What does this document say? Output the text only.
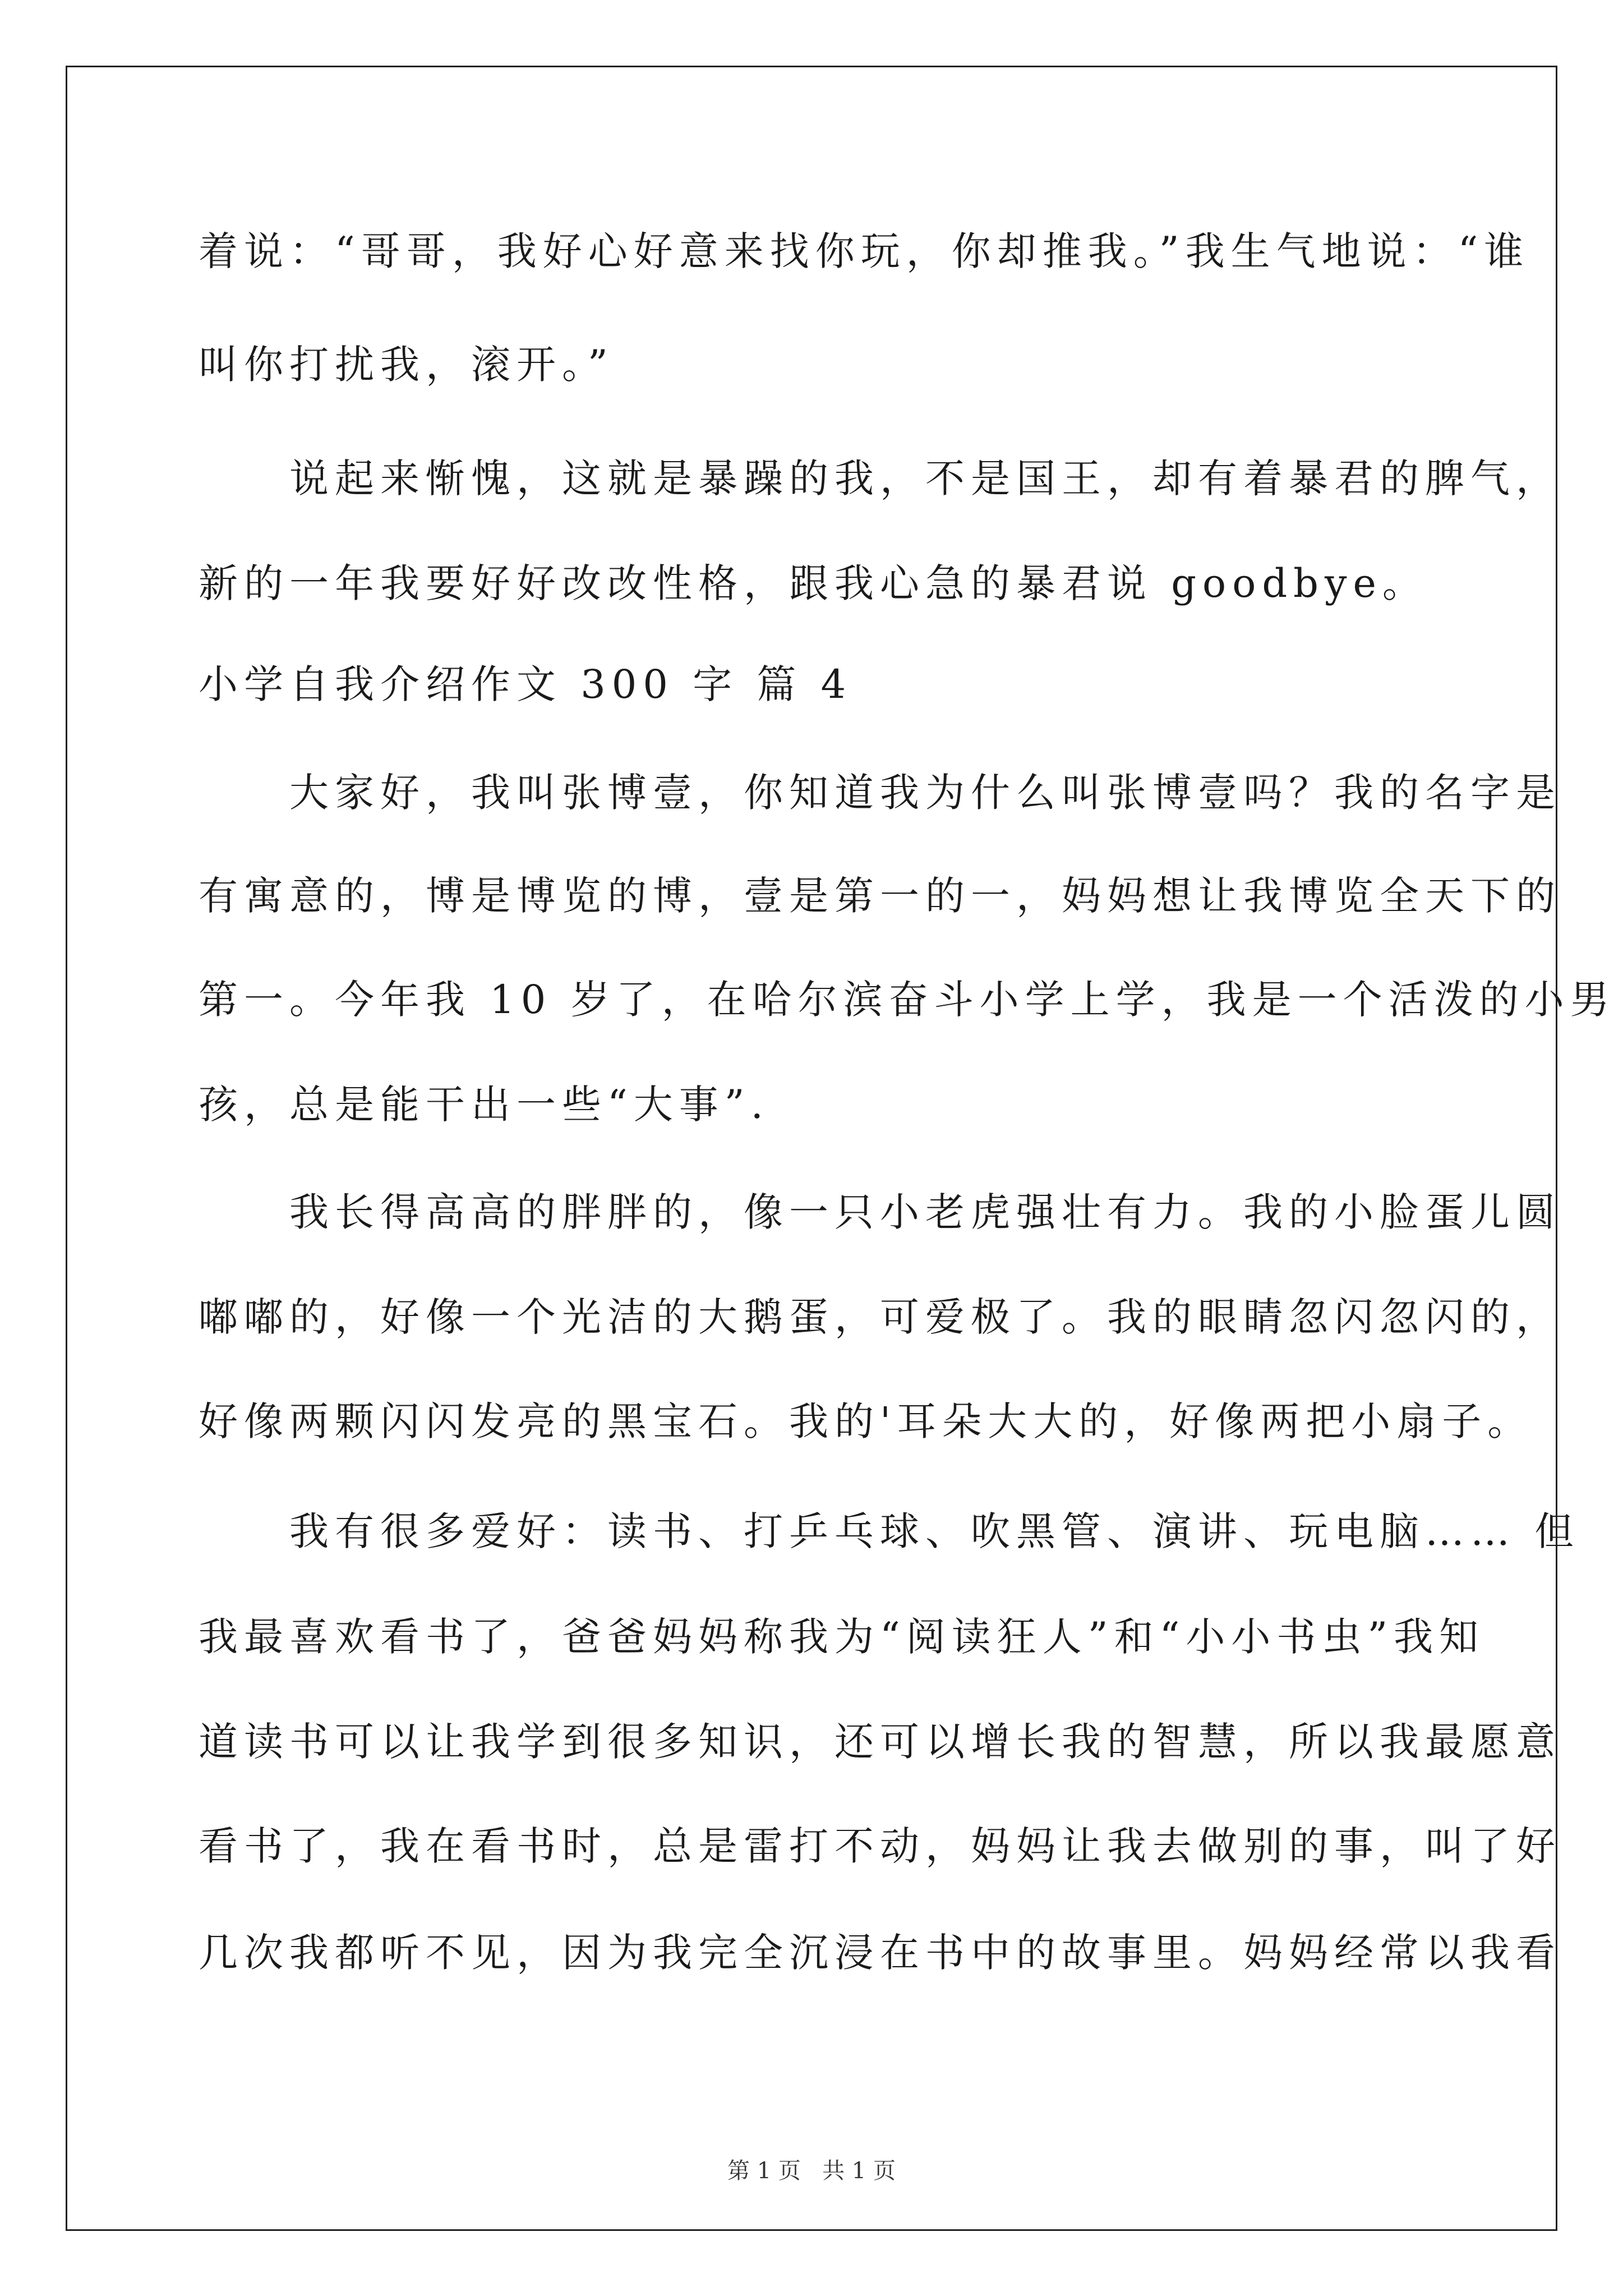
着说：“哥哥，我好心好意来找你玩，你却推我。”我生气地说：“谁
叫你打扰我，滚开。”
　　说起来惭愧，这就是暴躁的我，不是国王，却有着暴君的脾气，
新的一年我要好好改改性格，跟我心急的暴君说 goodbye。
小学自我介绍作文 300 字 篇 4
　　大家好，我叫张博壹，你知道我为什么叫张博壹吗？我的名字是
有寓意的，博是博览的博，壹是第一的一，妈妈想让我博览全天下的
第一。今年我 10 岁了，在哈尔滨奋斗小学上学，我是一个活泼的小男
孩，总是能干出一些“大事”.
　　我长得高高的胖胖的，像一只小老虎强壮有力。我的小脸蛋儿圆
嘟嘟的，好像一个光洁的大鹅蛋，可爱极了。我的眼睛忽闪忽闪的，
好像两颗闪闪发亮的黑宝石。我的'耳朵大大的，好像两把小扇子。
　　我有很多爱好：读书、打乒乓球、吹黑管、演讲、玩电脑…… 但
我最喜欢看书了，爸爸妈妈称我为“阅读狂人”和“小小书虫”我知
道读书可以让我学到很多知识，还可以增长我的智慧，所以我最愿意
看书了，我在看书时，总是雷打不动，妈妈让我去做别的事，叫了好
几次我都听不见，因为我完全沉浸在书中的故事里。妈妈经常以我看
第 1 页   共 1 页
